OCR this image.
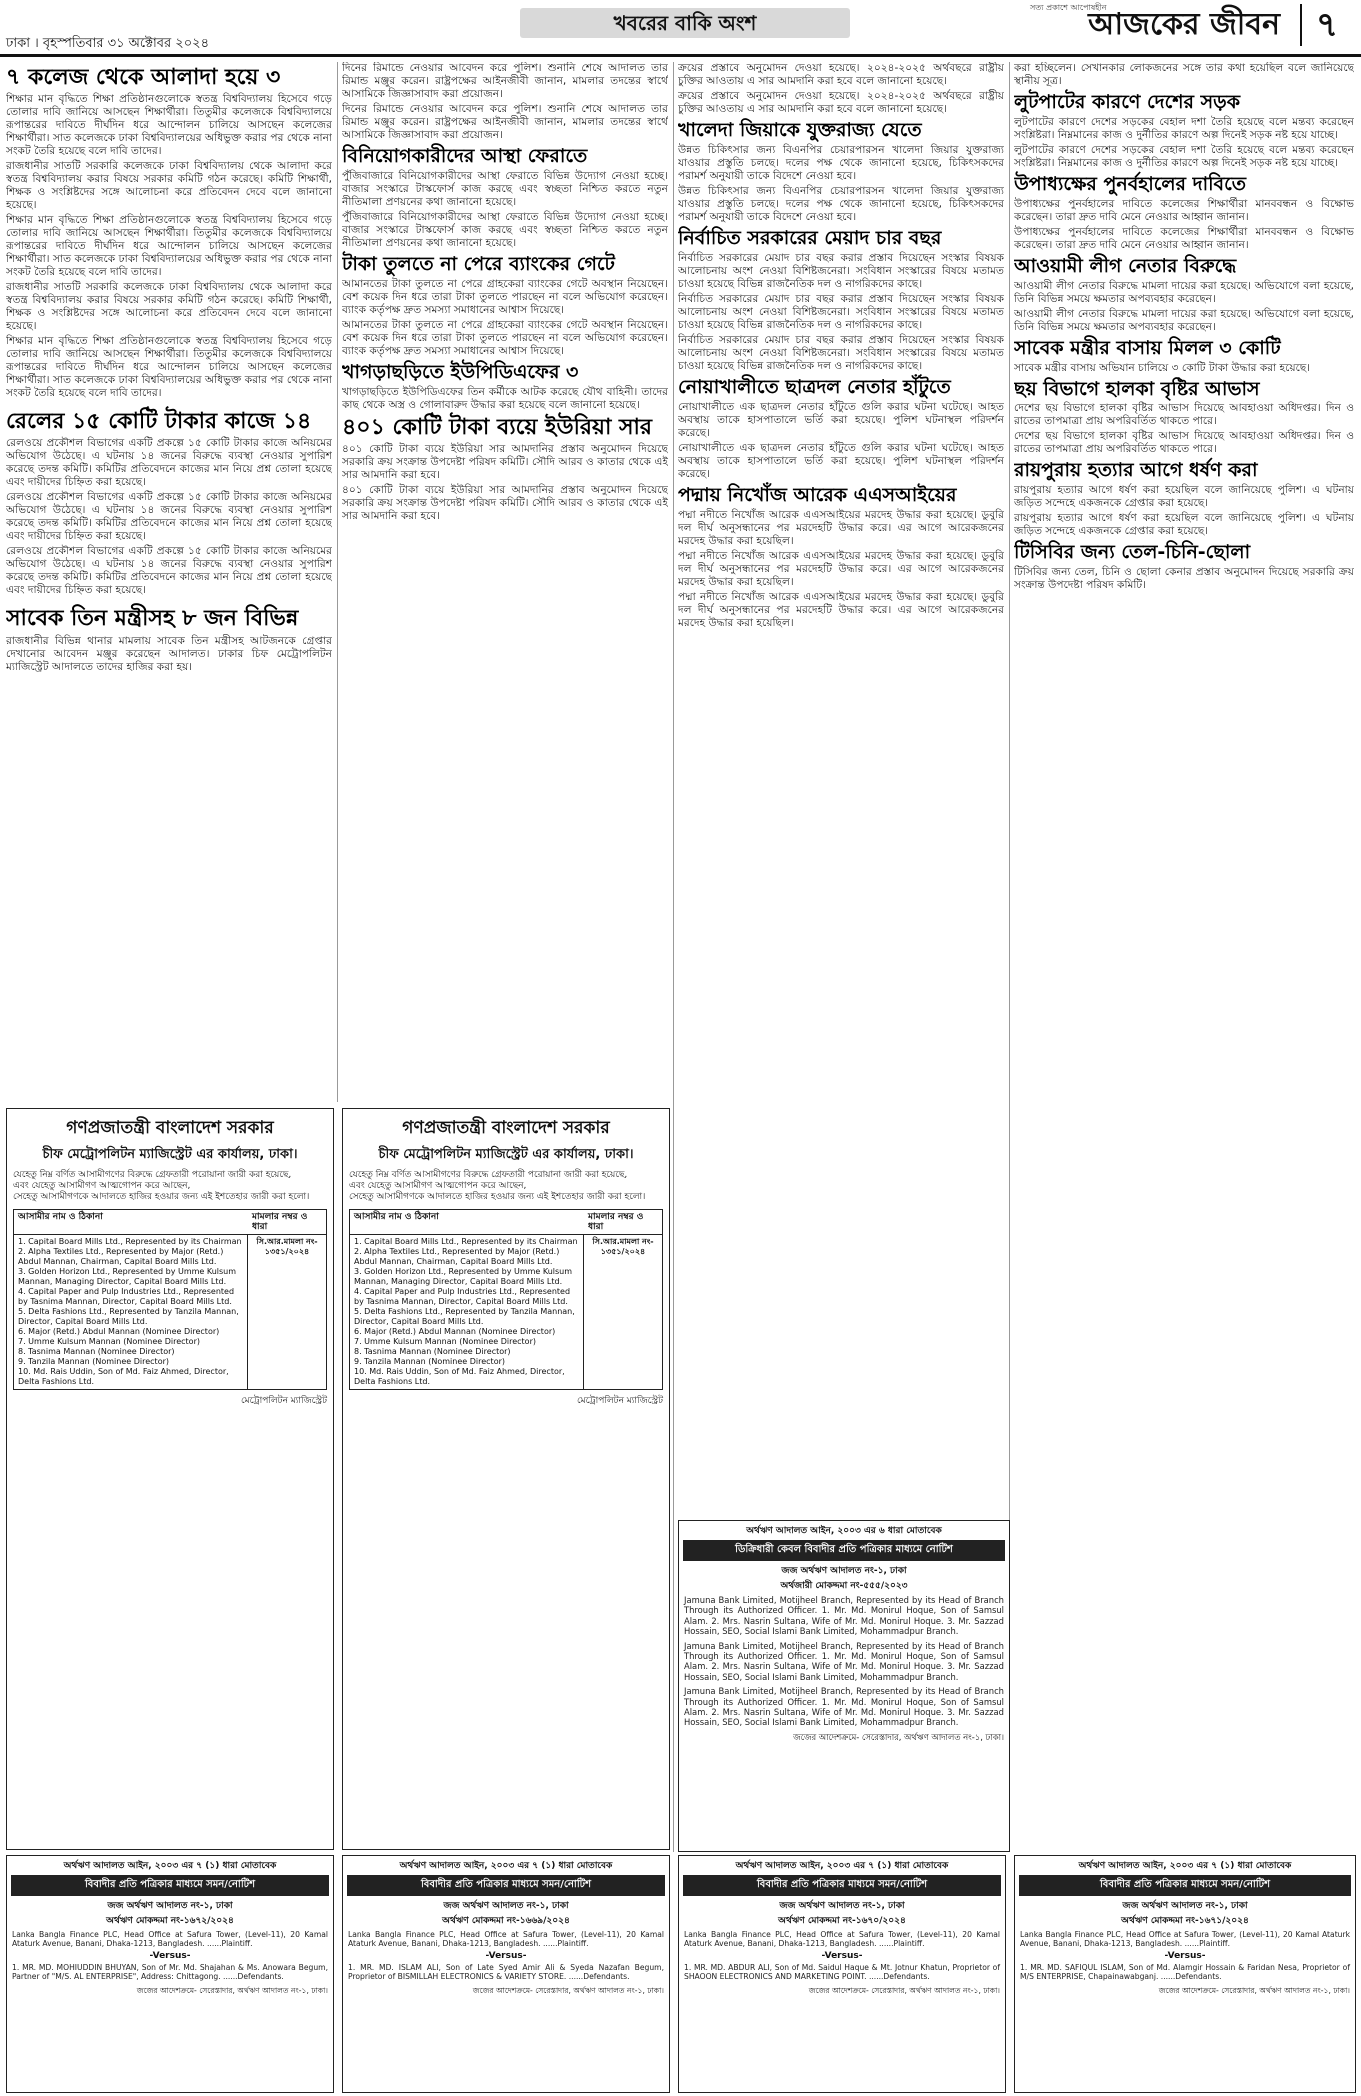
ঢাকা । বৃহস্পতিবার ৩১ অক্টোবর ২০২৪
খবরের বাকি অংশ
সত্য প্রকাশে আপোষহীন
আজকের জীবন	৭
৭ কলেজ থেকে আলাদা হয়ে ৩

শিক্ষার মান বৃদ্ধিতে শিক্ষা প্রতিষ্ঠানগুলোকে স্বতন্ত্র বিশ্ববিদ্যালয় হিসেবে গড়ে তোলার দাবি জানিয়ে আসছেন শিক্ষার্থীরা। তিতুমীর কলেজকে বিশ্ববিদ্যালয়ে রূপান্তরের দাবিতে দীর্ঘদিন ধরে আন্দোলন চালিয়ে আসছেন কলেজের শিক্ষার্থীরা। সাত কলেজকে ঢাকা বিশ্ববিদ্যালয়ের অধিভুক্ত করার পর থেকে নানা সংকট তৈরি হয়েছে বলে দাবি তাদের।

রাজধানীর সাতটি সরকারি কলেজকে ঢাকা বিশ্ববিদ্যালয় থেকে আলাদা করে স্বতন্ত্র বিশ্ববিদ্যালয় করার বিষয়ে সরকার কমিটি গঠন করেছে। কমিটি শিক্ষার্থী, শিক্ষক ও সংশ্লিষ্টদের সঙ্গে আলোচনা করে প্রতিবেদন দেবে বলে জানানো হয়েছে।

শিক্ষার মান বৃদ্ধিতে শিক্ষা প্রতিষ্ঠানগুলোকে স্বতন্ত্র বিশ্ববিদ্যালয় হিসেবে গড়ে তোলার দাবি জানিয়ে আসছেন শিক্ষার্থীরা। তিতুমীর কলেজকে বিশ্ববিদ্যালয়ে রূপান্তরের দাবিতে দীর্ঘদিন ধরে আন্দোলন চালিয়ে আসছেন কলেজের শিক্ষার্থীরা। সাত কলেজকে ঢাকা বিশ্ববিদ্যালয়ের অধিভুক্ত করার পর থেকে নানা সংকট তৈরি হয়েছে বলে দাবি তাদের।

রাজধানীর সাতটি সরকারি কলেজকে ঢাকা বিশ্ববিদ্যালয় থেকে আলাদা করে স্বতন্ত্র বিশ্ববিদ্যালয় করার বিষয়ে সরকার কমিটি গঠন করেছে। কমিটি শিক্ষার্থী, শিক্ষক ও সংশ্লিষ্টদের সঙ্গে আলোচনা করে প্রতিবেদন দেবে বলে জানানো হয়েছে।

শিক্ষার মান বৃদ্ধিতে শিক্ষা প্রতিষ্ঠানগুলোকে স্বতন্ত্র বিশ্ববিদ্যালয় হিসেবে গড়ে তোলার দাবি জানিয়ে আসছেন শিক্ষার্থীরা। তিতুমীর কলেজকে বিশ্ববিদ্যালয়ে রূপান্তরের দাবিতে দীর্ঘদিন ধরে আন্দোলন চালিয়ে আসছেন কলেজের শিক্ষার্থীরা। সাত কলেজকে ঢাকা বিশ্ববিদ্যালয়ের অধিভুক্ত করার পর থেকে নানা সংকট তৈরি হয়েছে বলে দাবি তাদের।

রেলের ১৫ কোটি টাকার কাজে ১৪

রেলওয়ে প্রকৌশল বিভাগের একটি প্রকল্পে ১৫ কোটি টাকার কাজে অনিয়মের অভিযোগ উঠেছে। এ ঘটনায় ১৪ জনের বিরুদ্ধে ব্যবস্থা নেওয়ার সুপারিশ করেছে তদন্ত কমিটি। কমিটির প্রতিবেদনে কাজের মান নিয়ে প্রশ্ন তোলা হয়েছে এবং দায়ীদের চিহ্নিত করা হয়েছে।

রেলওয়ে প্রকৌশল বিভাগের একটি প্রকল্পে ১৫ কোটি টাকার কাজে অনিয়মের অভিযোগ উঠেছে। এ ঘটনায় ১৪ জনের বিরুদ্ধে ব্যবস্থা নেওয়ার সুপারিশ করেছে তদন্ত কমিটি। কমিটির প্রতিবেদনে কাজের মান নিয়ে প্রশ্ন তোলা হয়েছে এবং দায়ীদের চিহ্নিত করা হয়েছে।

রেলওয়ে প্রকৌশল বিভাগের একটি প্রকল্পে ১৫ কোটি টাকার কাজে অনিয়মের অভিযোগ উঠেছে। এ ঘটনায় ১৪ জনের বিরুদ্ধে ব্যবস্থা নেওয়ার সুপারিশ করেছে তদন্ত কমিটি। কমিটির প্রতিবেদনে কাজের মান নিয়ে প্রশ্ন তোলা হয়েছে এবং দায়ীদের চিহ্নিত করা হয়েছে।

সাবেক তিন মন্ত্রীসহ ৮ জন বিভিন্ন

রাজধানীর বিভিন্ন থানার মামলায় সাবেক তিন মন্ত্রীসহ আটজনকে গ্রেপ্তার দেখানোর আবেদন মঞ্জুর করেছেন আদালত। ঢাকার চিফ মেট্রোপলিটন ম্যাজিস্ট্রেট আদালতে তাদের হাজির করা হয়।

দিনের রিমান্ডে নেওয়ার আবেদন করে পুলিশ। শুনানি শেষে আদালত তার রিমান্ড মঞ্জুর করেন। রাষ্ট্রপক্ষের আইনজীবী জানান, মামলার তদন্তের স্বার্থে আসামিকে জিজ্ঞাসাবাদ করা প্রয়োজন।

দিনের রিমান্ডে নেওয়ার আবেদন করে পুলিশ। শুনানি শেষে আদালত তার রিমান্ড মঞ্জুর করেন। রাষ্ট্রপক্ষের আইনজীবী জানান, মামলার তদন্তের স্বার্থে আসামিকে জিজ্ঞাসাবাদ করা প্রয়োজন।

বিনিয়োগকারীদের আস্থা ফেরাতে

পুঁজিবাজারে বিনিয়োগকারীদের আস্থা ফেরাতে বিভিন্ন উদ্যোগ নেওয়া হচ্ছে। বাজার সংস্কারে টাস্কফোর্স কাজ করছে এবং স্বচ্ছতা নিশ্চিত করতে নতুন নীতিমালা প্রণয়নের কথা জানানো হয়েছে।

পুঁজিবাজারে বিনিয়োগকারীদের আস্থা ফেরাতে বিভিন্ন উদ্যোগ নেওয়া হচ্ছে। বাজার সংস্কারে টাস্কফোর্স কাজ করছে এবং স্বচ্ছতা নিশ্চিত করতে নতুন নীতিমালা প্রণয়নের কথা জানানো হয়েছে।

টাকা তুলতে না পেরে ব্যাংকের গেটে

আমানতের টাকা তুলতে না পেরে গ্রাহকেরা ব্যাংকের গেটে অবস্থান নিয়েছেন। বেশ কয়েক দিন ধরে তারা টাকা তুলতে পারছেন না বলে অভিযোগ করেছেন। ব্যাংক কর্তৃপক্ষ দ্রুত সমস্যা সমাধানের আশ্বাস দিয়েছে।

আমানতের টাকা তুলতে না পেরে গ্রাহকেরা ব্যাংকের গেটে অবস্থান নিয়েছেন। বেশ কয়েক দিন ধরে তারা টাকা তুলতে পারছেন না বলে অভিযোগ করেছেন। ব্যাংক কর্তৃপক্ষ দ্রুত সমস্যা সমাধানের আশ্বাস দিয়েছে।

খাগড়াছড়িতে ইউপিডিএফের ৩

খাগড়াছড়িতে ইউপিডিএফের তিন কর্মীকে আটক করেছে যৌথ বাহিনী। তাদের কাছ থেকে অস্ত্র ও গোলাবারুদ উদ্ধার করা হয়েছে বলে জানানো হয়েছে।

৪০১ কোটি টাকা ব্যয়ে ইউরিয়া সার

৪০১ কোটি টাকা ব্যয়ে ইউরিয়া সার আমদানির প্রস্তাব অনুমোদন দিয়েছে সরকারি ক্রয় সংক্রান্ত উপদেষ্টা পরিষদ কমিটি। সৌদি আরব ও কাতার থেকে এই সার আমদানি করা হবে।

৪০১ কোটি টাকা ব্যয়ে ইউরিয়া সার আমদানির প্রস্তাব অনুমোদন দিয়েছে সরকারি ক্রয় সংক্রান্ত উপদেষ্টা পরিষদ কমিটি। সৌদি আরব ও কাতার থেকে এই সার আমদানি করা হবে।

ক্রয়ের প্রস্তাবে অনুমোদন দেওয়া হয়েছে। ২০২৪-২০২৫ অর্থবছরে রাষ্ট্রীয় চুক্তির আওতায় এ সার আমদানি করা হবে বলে জানানো হয়েছে।

ক্রয়ের প্রস্তাবে অনুমোদন দেওয়া হয়েছে। ২০২৪-২০২৫ অর্থবছরে রাষ্ট্রীয় চুক্তির আওতায় এ সার আমদানি করা হবে বলে জানানো হয়েছে।

খালেদা জিয়াকে যুক্তরাজ্য যেতে

উন্নত চিকিৎসার জন্য বিএনপির চেয়ারপারসন খালেদা জিয়ার যুক্তরাজ্য যাওয়ার প্রস্তুতি চলছে। দলের পক্ষ থেকে জানানো হয়েছে, চিকিৎসকদের পরামর্শ অনুযায়ী তাকে বিদেশে নেওয়া হবে।

উন্নত চিকিৎসার জন্য বিএনপির চেয়ারপারসন খালেদা জিয়ার যুক্তরাজ্য যাওয়ার প্রস্তুতি চলছে। দলের পক্ষ থেকে জানানো হয়েছে, চিকিৎসকদের পরামর্শ অনুযায়ী তাকে বিদেশে নেওয়া হবে।

নির্বাচিত সরকারের মেয়াদ চার বছর

নির্বাচিত সরকারের মেয়াদ চার বছর করার প্রস্তাব দিয়েছেন সংস্কার বিষয়ক আলোচনায় অংশ নেওয়া বিশিষ্টজনেরা। সংবিধান সংস্কারের বিষয়ে মতামত চাওয়া হয়েছে বিভিন্ন রাজনৈতিক দল ও নাগরিকদের কাছে।

নির্বাচিত সরকারের মেয়াদ চার বছর করার প্রস্তাব দিয়েছেন সংস্কার বিষয়ক আলোচনায় অংশ নেওয়া বিশিষ্টজনেরা। সংবিধান সংস্কারের বিষয়ে মতামত চাওয়া হয়েছে বিভিন্ন রাজনৈতিক দল ও নাগরিকদের কাছে।

নির্বাচিত সরকারের মেয়াদ চার বছর করার প্রস্তাব দিয়েছেন সংস্কার বিষয়ক আলোচনায় অংশ নেওয়া বিশিষ্টজনেরা। সংবিধান সংস্কারের বিষয়ে মতামত চাওয়া হয়েছে বিভিন্ন রাজনৈতিক দল ও নাগরিকদের কাছে।

নোয়াখালীতে ছাত্রদল নেতার হাঁটুতে

নোয়াখালীতে এক ছাত্রদল নেতার হাঁটুতে গুলি করার ঘটনা ঘটেছে। আহত অবস্থায় তাকে হাসপাতালে ভর্তি করা হয়েছে। পুলিশ ঘটনাস্থল পরিদর্শন করেছে।

নোয়াখালীতে এক ছাত্রদল নেতার হাঁটুতে গুলি করার ঘটনা ঘটেছে। আহত অবস্থায় তাকে হাসপাতালে ভর্তি করা হয়েছে। পুলিশ ঘটনাস্থল পরিদর্শন করেছে।

পদ্মায় নিখোঁজ আরেক এএসআইয়ের

পদ্মা নদীতে নিখোঁজ আরেক এএসআইয়ের মরদেহ উদ্ধার করা হয়েছে। ডুবুরি দল দীর্ঘ অনুসন্ধানের পর মরদেহটি উদ্ধার করে। এর আগে আরেকজনের মরদেহ উদ্ধার করা হয়েছিল।

পদ্মা নদীতে নিখোঁজ আরেক এএসআইয়ের মরদেহ উদ্ধার করা হয়েছে। ডুবুরি দল দীর্ঘ অনুসন্ধানের পর মরদেহটি উদ্ধার করে। এর আগে আরেকজনের মরদেহ উদ্ধার করা হয়েছিল।

পদ্মা নদীতে নিখোঁজ আরেক এএসআইয়ের মরদেহ উদ্ধার করা হয়েছে। ডুবুরি দল দীর্ঘ অনুসন্ধানের পর মরদেহটি উদ্ধার করে। এর আগে আরেকজনের মরদেহ উদ্ধার করা হয়েছিল।

করা হচ্ছিলেন। সেখানকার লোকজনের সঙ্গে তার কথা হয়েছিল বলে জানিয়েছে স্থানীয় সূত্র।

লুটপাটের কারণে দেশের সড়ক

লুটপাটের কারণে দেশের সড়কের বেহাল দশা তৈরি হয়েছে বলে মন্তব্য করেছেন সংশ্লিষ্টরা। নিম্নমানের কাজ ও দুর্নীতির কারণে অল্প দিনেই সড়ক নষ্ট হয়ে যাচ্ছে।

লুটপাটের কারণে দেশের সড়কের বেহাল দশা তৈরি হয়েছে বলে মন্তব্য করেছেন সংশ্লিষ্টরা। নিম্নমানের কাজ ও দুর্নীতির কারণে অল্প দিনেই সড়ক নষ্ট হয়ে যাচ্ছে।

উপাধ্যক্ষের পুনর্বহালের দাবিতে

উপাধ্যক্ষের পুনর্বহালের দাবিতে কলেজের শিক্ষার্থীরা মানববন্ধন ও বিক্ষোভ করেছেন। তারা দ্রুত দাবি মেনে নেওয়ার আহ্বান জানান।

উপাধ্যক্ষের পুনর্বহালের দাবিতে কলেজের শিক্ষার্থীরা মানববন্ধন ও বিক্ষোভ করেছেন। তারা দ্রুত দাবি মেনে নেওয়ার আহ্বান জানান।

আওয়ামী লীগ নেতার বিরুদ্ধে

আওয়ামী লীগ নেতার বিরুদ্ধে মামলা দায়ের করা হয়েছে। অভিযোগে বলা হয়েছে, তিনি বিভিন্ন সময়ে ক্ষমতার অপব্যবহার করেছেন।

আওয়ামী লীগ নেতার বিরুদ্ধে মামলা দায়ের করা হয়েছে। অভিযোগে বলা হয়েছে, তিনি বিভিন্ন সময়ে ক্ষমতার অপব্যবহার করেছেন।

সাবেক মন্ত্রীর বাসায় মিলল ৩ কোটি

সাবেক মন্ত্রীর বাসায় অভিযান চালিয়ে ৩ কোটি টাকা উদ্ধার করা হয়েছে।

ছয় বিভাগে হালকা বৃষ্টির আভাস

দেশের ছয় বিভাগে হালকা বৃষ্টির আভাস দিয়েছে আবহাওয়া অধিদপ্তর। দিন ও রাতের তাপমাত্রা প্রায় অপরিবর্তিত থাকতে পারে।

দেশের ছয় বিভাগে হালকা বৃষ্টির আভাস দিয়েছে আবহাওয়া অধিদপ্তর। দিন ও রাতের তাপমাত্রা প্রায় অপরিবর্তিত থাকতে পারে।

রায়পুরায় হত্যার আগে ধর্ষণ করা

রায়পুরায় হত্যার আগে ধর্ষণ করা হয়েছিল বলে জানিয়েছে পুলিশ। এ ঘটনায় জড়িত সন্দেহে একজনকে গ্রেপ্তার করা হয়েছে।

রায়পুরায় হত্যার আগে ধর্ষণ করা হয়েছিল বলে জানিয়েছে পুলিশ। এ ঘটনায় জড়িত সন্দেহে একজনকে গ্রেপ্তার করা হয়েছে।

টিসিবির জন্য তেল-চিনি-ছোলা

টিসিবির জন্য তেল, চিনি ও ছোলা কেনার প্রস্তাব অনুমোদন দিয়েছে সরকারি ক্রয় সংক্রান্ত উপদেষ্টা পরিষদ কমিটি।

গণপ্রজাতন্ত্রী বাংলাদেশ সরকার
চীফ মেট্রোপলিটন ম্যাজিস্ট্রেট এর কার্যালয়, ঢাকা।
যেহেতু নিম্ন বর্ণিত আসামীগণের বিরুদ্ধে গ্রেফতারী পরোয়ানা জারী করা হয়েছে,
এবং যেহেতু আসামীগণ আত্মগোপন করে আছেন,
সেহেতু আসামীগণকে আদালতে হাজির হওয়ার জন্য এই ইশতেহার জারী করা হলো।
আসামীর নাম ও ঠিকানা	মামলার নম্বর ও ধারা
1. Capital Board Mills Ltd., Represented by its Chairman
2. Alpha Textiles Ltd., Represented by Major (Retd.) Abdul Mannan, Chairman, Capital Board Mills Ltd.
3. Golden Horizon Ltd., Represented by Umme Kulsum Mannan, Managing Director, Capital Board Mills Ltd.
4. Capital Paper and Pulp Industries Ltd., Represented by Tasnima Mannan, Director, Capital Board Mills Ltd.
5. Delta Fashions Ltd., Represented by Tanzila Mannan, Director, Capital Board Mills Ltd.
6. Major (Retd.) Abdul Mannan (Nominee Director)
7. Umme Kulsum Mannan (Nominee Director)
8. Tasnima Mannan (Nominee Director)
9. Tanzila Mannan (Nominee Director)
10. Md. Rais Uddin, Son of Md. Faiz Ahmed, Director, Delta Fashions Ltd.
সি.আর.মামলা নং- ১৩৫১/২০২৪
মেট্রোপলিটন ম্যাজিস্ট্রেট
গণপ্রজাতন্ত্রী বাংলাদেশ সরকার
চীফ মেট্রোপলিটন ম্যাজিস্ট্রেট এর কার্যালয়, ঢাকা।
যেহেতু নিম্ন বর্ণিত আসামীগণের বিরুদ্ধে গ্রেফতারী পরোয়ানা জারী করা হয়েছে,
এবং যেহেতু আসামীগণ আত্মগোপন করে আছেন,
সেহেতু আসামীগণকে আদালতে হাজির হওয়ার জন্য এই ইশতেহার জারী করা হলো।
আসামীর নাম ও ঠিকানা	মামলার নম্বর ও ধারা
1. Capital Board Mills Ltd., Represented by its Chairman
2. Alpha Textiles Ltd., Represented by Major (Retd.) Abdul Mannan, Chairman, Capital Board Mills Ltd.
3. Golden Horizon Ltd., Represented by Umme Kulsum Mannan, Managing Director, Capital Board Mills Ltd.
4. Capital Paper and Pulp Industries Ltd., Represented by Tasnima Mannan, Director, Capital Board Mills Ltd.
5. Delta Fashions Ltd., Represented by Tanzila Mannan, Director, Capital Board Mills Ltd.
6. Major (Retd.) Abdul Mannan (Nominee Director)
7. Umme Kulsum Mannan (Nominee Director)
8. Tasnima Mannan (Nominee Director)
9. Tanzila Mannan (Nominee Director)
10. Md. Rais Uddin, Son of Md. Faiz Ahmed, Director, Delta Fashions Ltd.
সি.আর.মামলা নং- ১৩৫১/২০২৪
মেট্রোপলিটন ম্যাজিস্ট্রেট
অর্থঋণ আদালত আইন, ২০০৩ এর ৬ ধারা মোতাবেক
ডিক্রিধারী কেবল বিবাদীর প্রতি পত্রিকার মাধ্যমে নোটিশ
জজ অর্থঋণ আদালত নং-১, ঢাকা
অর্থজারী মোকদ্দমা নং-৫৫৫/২০২৩
Jamuna Bank Limited, Motijheel Branch, Represented by its Head of Branch Through its Authorized Officer. 1. Mr. Md. Monirul Hoque, Son of Samsul Alam. 2. Mrs. Nasrin Sultana, Wife of Mr. Md. Monirul Hoque. 3. Mr. Sazzad Hossain, SEO, Social Islami Bank Limited, Mohammadpur Branch.
Jamuna Bank Limited, Motijheel Branch, Represented by its Head of Branch Through its Authorized Officer. 1. Mr. Md. Monirul Hoque, Son of Samsul Alam. 2. Mrs. Nasrin Sultana, Wife of Mr. Md. Monirul Hoque. 3. Mr. Sazzad Hossain, SEO, Social Islami Bank Limited, Mohammadpur Branch.
Jamuna Bank Limited, Motijheel Branch, Represented by its Head of Branch Through its Authorized Officer. 1. Mr. Md. Monirul Hoque, Son of Samsul Alam. 2. Mrs. Nasrin Sultana, Wife of Mr. Md. Monirul Hoque. 3. Mr. Sazzad Hossain, SEO, Social Islami Bank Limited, Mohammadpur Branch.
জজের আদেশক্রমে- সেরেস্তাদার, অর্থঋণ আদালত নং-১, ঢাকা।
অর্থঋণ আদালত আইন, ২০০৩ এর ৭ (১) ধারা মোতাবেক
বিবাদীর প্রতি পত্রিকার মাধ্যমে সমন/নোটিশ
জজ অর্থঋণ আদালত নং-১, ঢাকা
অর্থঋণ মোকদ্দমা নং-১৬৭২/২০২৪
Lanka Bangla Finance PLC, Head Office at Safura Tower, (Level-11), 20 Kamal Ataturk Avenue, Banani, Dhaka-1213, Bangladesh. ......Plaintiff.
-Versus-
1. MR. MD. MOHIUDDIN BHUYAN, Son of Mr. Md. Shajahan & Ms. Anowara Begum, Partner of "M/S. AL ENTERPRISE", Address: Chittagong. ......Defendants.
জজের আদেশক্রমে- সেরেস্তাদার, অর্থঋণ আদালত নং-১, ঢাকা।
অর্থঋণ আদালত আইন, ২০০৩ এর ৭ (১) ধারা মোতাবেক
বিবাদীর প্রতি পত্রিকার মাধ্যমে সমন/নোটিশ
জজ অর্থঋণ আদালত নং-১, ঢাকা
অর্থঋণ মোকদ্দমা নং-১৬৬৯/২০২৪
Lanka Bangla Finance PLC, Head Office at Safura Tower, (Level-11), 20 Kamal Ataturk Avenue, Banani, Dhaka-1213, Bangladesh. ......Plaintiff.
-Versus-
1. MR. MD. ISLAM ALI, Son of Late Syed Amir Ali & Syeda Nazafan Begum, Proprietor of BISMILLAH ELECTRONICS & VARIETY STORE. ......Defendants.
জজের আদেশক্রমে- সেরেস্তাদার, অর্থঋণ আদালত নং-১, ঢাকা।
অর্থঋণ আদালত আইন, ২০০৩ এর ৭ (১) ধারা মোতাবেক
বিবাদীর প্রতি পত্রিকার মাধ্যমে সমন/নোটিশ
জজ অর্থঋণ আদালত নং-১, ঢাকা
অর্থঋণ মোকদ্দমা নং-১৬৭০/২০২৪
Lanka Bangla Finance PLC, Head Office at Safura Tower, (Level-11), 20 Kamal Ataturk Avenue, Banani, Dhaka-1213, Bangladesh. ......Plaintiff.
-Versus-
1. MR. MD. ABDUR ALI, Son of Md. Saidul Haque & Mt. Jotnur Khatun, Proprietor of SHAOON ELECTRONICS AND MARKETING POINT. ......Defendants.
জজের আদেশক্রমে- সেরেস্তাদার, অর্থঋণ আদালত নং-১, ঢাকা।
অর্থঋণ আদালত আইন, ২০০৩ এর ৭ (১) ধারা মোতাবেক
বিবাদীর প্রতি পত্রিকার মাধ্যমে সমন/নোটিশ
জজ অর্থঋণ আদালত নং-১, ঢাকা
অর্থঋণ মোকদ্দমা নং-১৬৭১/২০২৪
Lanka Bangla Finance PLC, Head Office at Safura Tower, (Level-11), 20 Kamal Ataturk Avenue, Banani, Dhaka-1213, Bangladesh. ......Plaintiff.
-Versus-
1. MR. MD. SAFIQUL ISLAM, Son of Md. Alamgir Hossain & Faridan Nesa, Proprietor of M/S ENTERPRISE, Chapainawabganj. ......Defendants.
জজের আদেশক্রমে- সেরেস্তাদার, অর্থঋণ আদালত নং-১, ঢাকা।
